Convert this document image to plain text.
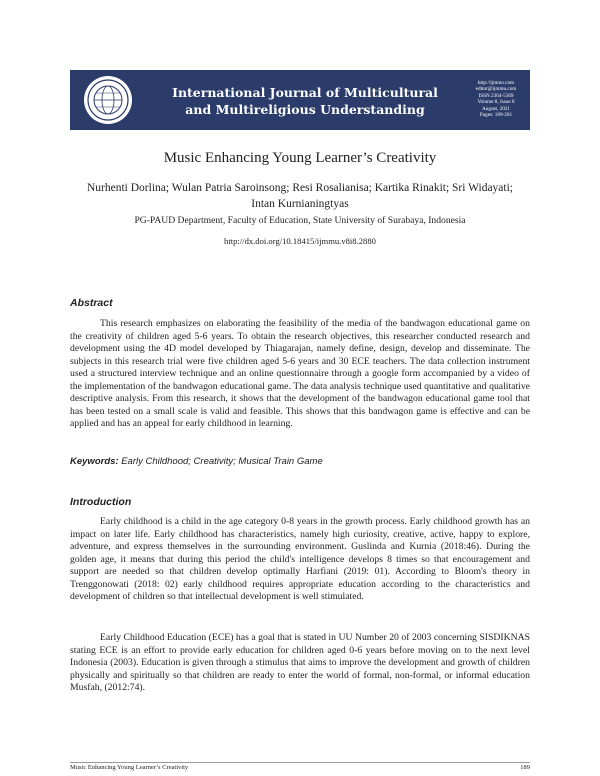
International Journal of Multicultural
and Multireligious Understanding
http://ijmmu.com
editor@ijmmu.com
ISSN 2364-5369
Volume 8, Issue 8
August, 2021
Pages: 189-201
Music Enhancing Young Learner’s Creativity
Nurhenti Dorlina; Wulan Patria Saroinsong; Resi Rosalianisa; Kartika Rinakit; Sri Widayati;
Intan Kurnianingtyas
PG-PAUD Department, Faculty of Education, State University of Surabaya, Indonesia
http://dx.doi.org/10.18415/ijmmu.v8i8.2880
Abstract

This research emphasizes on elaborating the feasibility of the media of the bandwagon educational game on the creativity of children aged 5-6 years. To obtain the research objectives, this researcher conducted research and development using the 4D model developed by Thiagarajan, namely define, design, develop and disseminate. The subjects in this research trial were five children aged 5-6 years and 30 ECE teachers. The data collection instrument used a structured interview technique and an online questionnaire through a google form accompanied by a video of the implementation of the bandwagon educational game. The data analysis technique used quantitative and qualitative descriptive analysis. From this research, it shows that the development of the bandwagon educational game tool that has been tested on a small scale is valid and feasible. This shows that this bandwagon game is effective and can be applied and has an appeal for early childhood in learning.

Keywords: Early Childhood; Creativity; Musical Train Game
Introduction

Early childhood is a child in the age category 0-8 years in the growth process. Early childhood growth has an impact on later life. Early childhood has characteristics, namely high curiosity, creative, active, happy to explore, adventure, and express themselves in the surrounding environment. Guslinda and Kurnia (2018:46). During the golden age, it means that during this period the child's intelligence develops 8 times so that encouragement and support are needed so that children develop optimally Harfiani (2019: 01). According to Bloom's theory in Trenggonowati (2018: 02) early childhood requires appropriate education according to the characteristics and development of children so that intellectual development is well stimulated.

Early Childhood Education (ECE) has a goal that is stated in UU Number 20 of 2003 concerning SISDIKNAS stating ECE is an effort to provide early education for children aged 0-6 years before moving on to the next level Indonesia (2003). Education is given through a stimulus that aims to improve the development and growth of children physically and spiritually so that children are ready to enter the world of formal, non-formal, or informal education Musfah, (2012:74).

Music Enhancing Young Learner’s Creativity	189
